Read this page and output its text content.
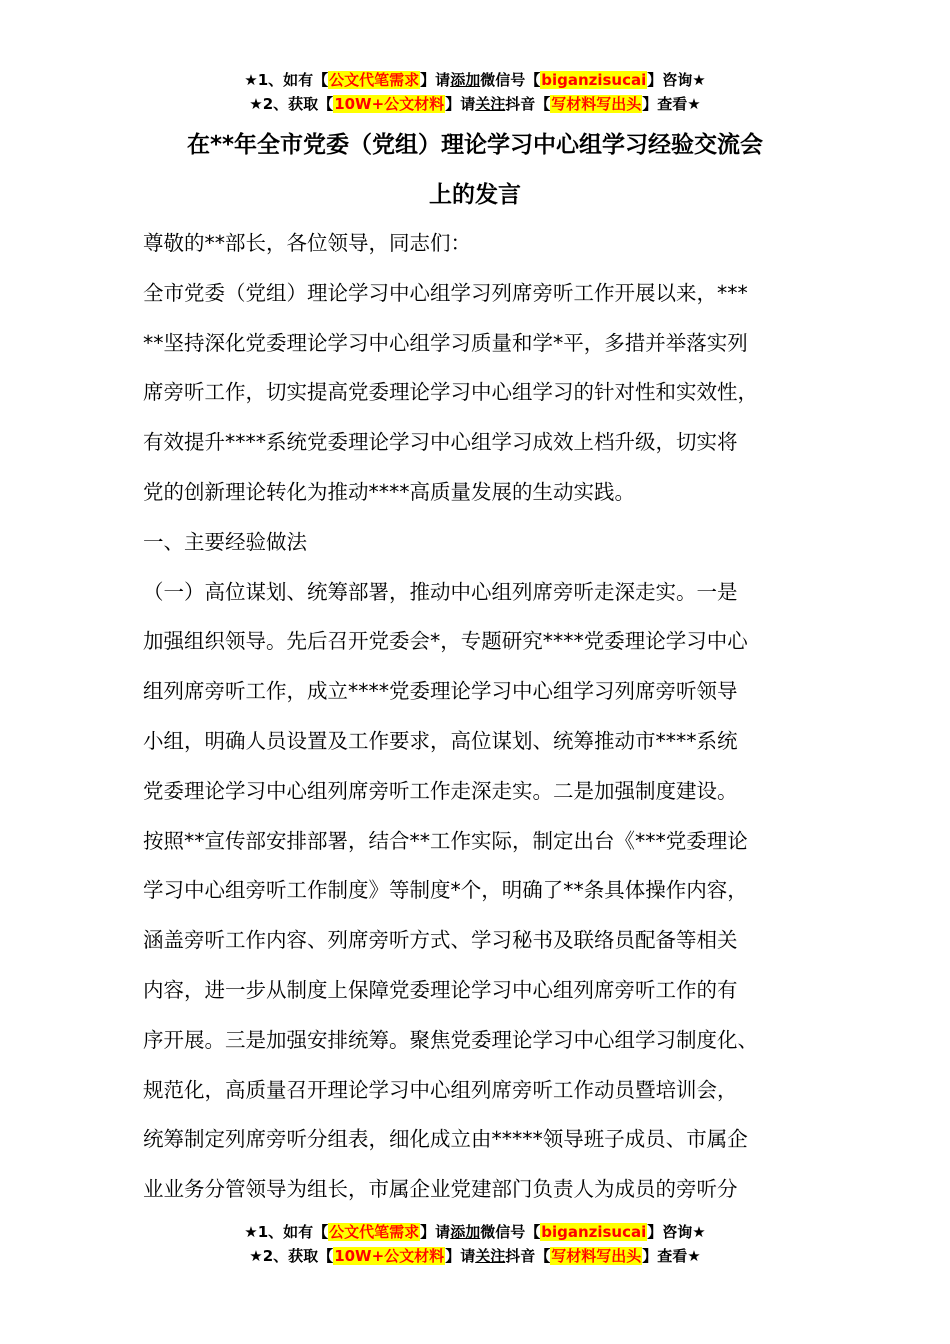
★1、如有【公文代笔需求】请添加微信号【biganzisucai】咨询★
★2、获取【10W+公文材料】请关注抖音【写材料写出头】查看★
在**年全市党委（党组）理论学习中心组学习经验交流会
上的发言
尊敬的**部长，各位领导，同志们：
全市党委（党组）理论学习中心组学习列席旁听工作开展以来，***
**坚持深化党委理论学习中心组学习质量和学*平，多措并举落实列
席旁听工作，切实提高党委理论学习中心组学习的针对性和实效性，
有效提升****系统党委理论学习中心组学习成效上档升级，切实将
党的创新理论转化为推动****高质量发展的生动实践。
一、主要经验做法
（一）高位谋划、统筹部署，推动中心组列席旁听走深走实。一是
加强组织领导。先后召开党委会*，专题研究****党委理论学习中心
组列席旁听工作，成立****党委理论学习中心组学习列席旁听领导
小组，明确人员设置及工作要求，高位谋划、统筹推动市****系统
党委理论学习中心组列席旁听工作走深走实。二是加强制度建设。
按照**宣传部安排部署，结合**工作实际，制定出台《***党委理论
学习中心组旁听工作制度》等制度*个，明确了**条具体操作内容，
涵盖旁听工作内容、列席旁听方式、学习秘书及联络员配备等相关
内容，进一步从制度上保障党委理论学习中心组列席旁听工作的有
序开展。三是加强安排统筹。聚焦党委理论学习中心组学习制度化、
规范化，高质量召开理论学习中心组列席旁听工作动员暨培训会，
统筹制定列席旁听分组表，细化成立由*****领导班子成员、市属企
业业务分管领导为组长，市属企业党建部门负责人为成员的旁听分
★1、如有【公文代笔需求】请添加微信号【biganzisucai】咨询★
★2、获取【10W+公文材料】请关注抖音【写材料写出头】查看★
